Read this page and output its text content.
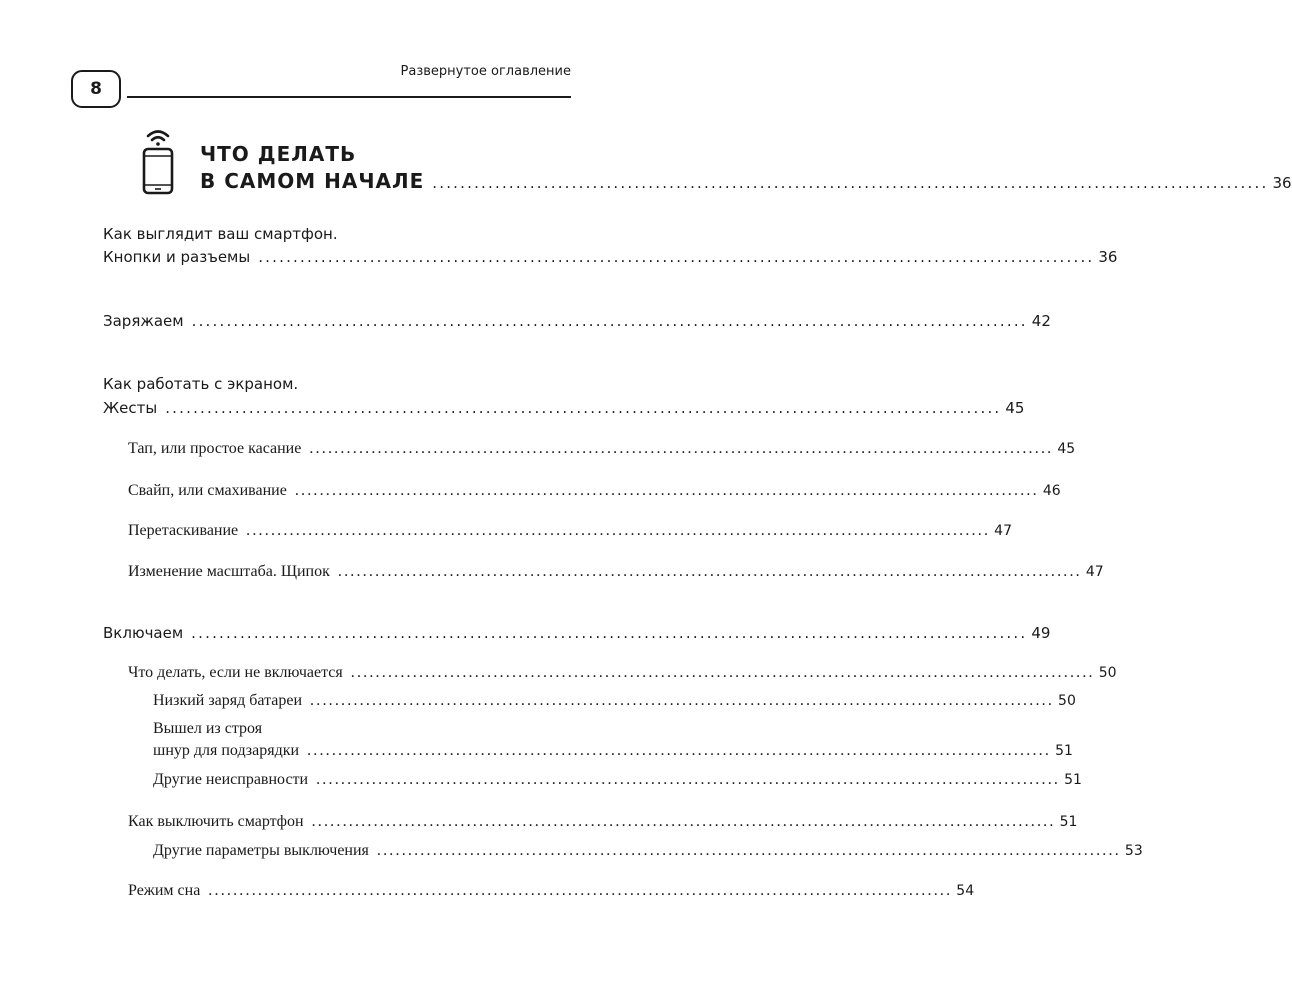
8
Развернутое оглавление
ЧТО ДЕЛАТЬ
В САМОМ НАЧАЛЕ ........................................................................................................................ 36
Как выглядит ваш смартфон.
Кнопки и разъемы ........................................................................................................................ 36
Заряжаем ........................................................................................................................ 42
Как работать с экраном.
Жесты ........................................................................................................................ 45
Тап, или простое касание ........................................................................................................................ 45
Свайп, или смахивание ........................................................................................................................ 46
Перетаскивание ........................................................................................................................ 47
Изменение масштаба. Щипок ........................................................................................................................ 47
Включаем ........................................................................................................................ 49
Что делать, если не включается ........................................................................................................................ 50
Низкий заряд батареи ........................................................................................................................ 50
Вышел из строя
шнур для подзарядки ........................................................................................................................ 51
Другие неисправности ........................................................................................................................ 51
Как выключить смартфон ........................................................................................................................ 51
Другие параметры выключения ........................................................................................................................ 53
Режим сна ........................................................................................................................ 54
